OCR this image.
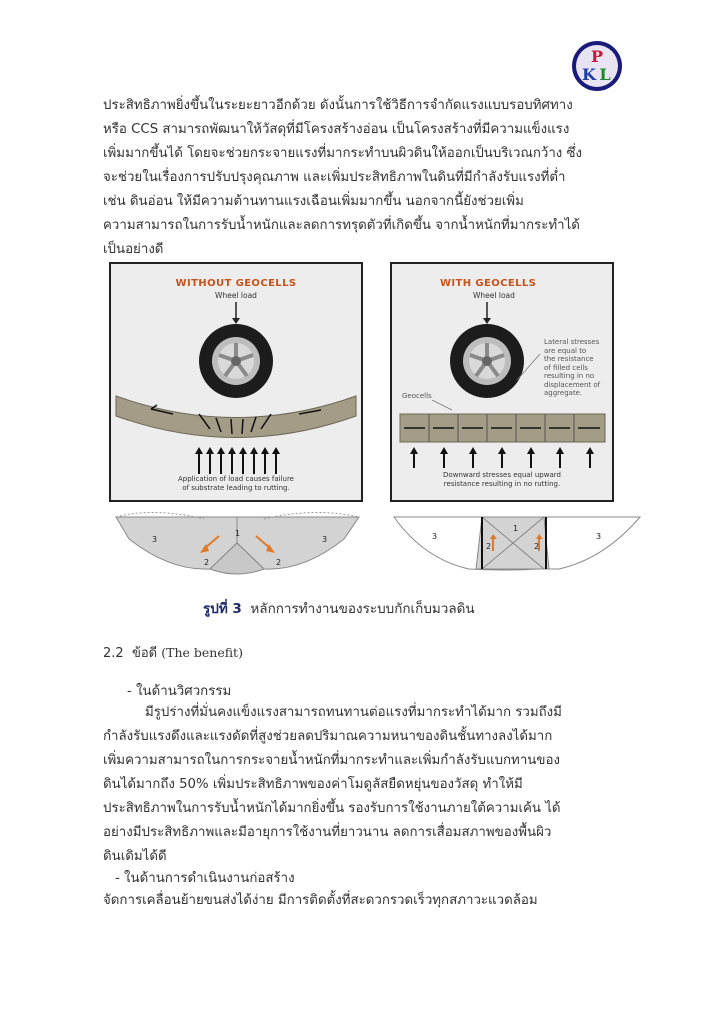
P
K L

ประสิทธิภาพยิ่งขึ้นในระยะยาวอีกด้วย ดังนั้นการใช้วิธีการจำกัดแรงแบบรอบทิศทาง

หรือ CCS สามารถพัฒนาให้วัสดุที่มีโครงสร้างอ่อน เป็นโครงสร้างที่มีความแข็งแรง

เพิ่มมากขึ้นได้ โดยจะช่วยกระจายแรงที่มากระทำบนผิวดินให้ออกเป็นบริเวณกว้าง ซึ่ง

จะช่วยในเรื่องการปรับปรุงคุณภาพ และเพิ่มประสิทธิภาพในดินที่มีกำลังรับแรงที่ต่ำ

เช่น ดินอ่อน ให้มีความต้านทานแรงเฉือนเพิ่มมากขึ้น นอกจากนี้ยังช่วยเพิ่ม

ความสามารถในการรับน้ำหนักและลดการทรุดตัวที่เกิดขึ้น จากน้ำหนักที่มากระทำได้

เป็นอย่างดี

WITHOUT GEOCELLS
Wheel load
Application of load causes failure
of substrate leading to rutting.
WITH GEOCELLS
Wheel load
Lateral stresses
are equal to
the resistance
of filled cells
resulting in no
displacement of
aggregate.
Geocells
Downward stresses equal upward
resistance resulting in no rutting.
3
1
2
3
2
3
1
2	2
3
รูปที่ 3 หลักการทำงานของระบบกักเก็บมวลดิน
2.2 ข้อดี (The benefit)
- ในด้านวิศวกรรม

มีรูปร่างที่มั่นคงแข็งแรงสามารถทนทานต่อแรงที่มากระทำได้มาก รวมถึงมี

กำลังรับแรงดึงและแรงดัดที่สูงช่วยลดปริมาณความหนาของดินชั้นทางลงได้มาก

เพิ่มความสามารถในการกระจายน้ำหนักที่มากระทำและเพิ่มกำลังรับแบกทานของ

ดินได้มากถึง 50% เพิ่มประสิทธิภาพของค่าโมดูลัสยืดหยุ่นของวัสดุ ทำให้มี

ประสิทธิภาพในการรับน้ำหนักได้มากยิ่งขึ้น รองรับการใช้งานภายใต้ความเค้น ได้

อย่างมีประสิทธิภาพและมีอายุการใช้งานที่ยาวนาน ลดการเสื่อมสภาพของพื้นผิว

ดินเดิมได้ดี

- ในด้านการดำเนินงานก่อสร้าง
จัดการเคลื่อนย้ายขนส่งได้ง่าย มีการติดตั้งที่สะดวกรวดเร็วทุกสภาวะแวดล้อม
